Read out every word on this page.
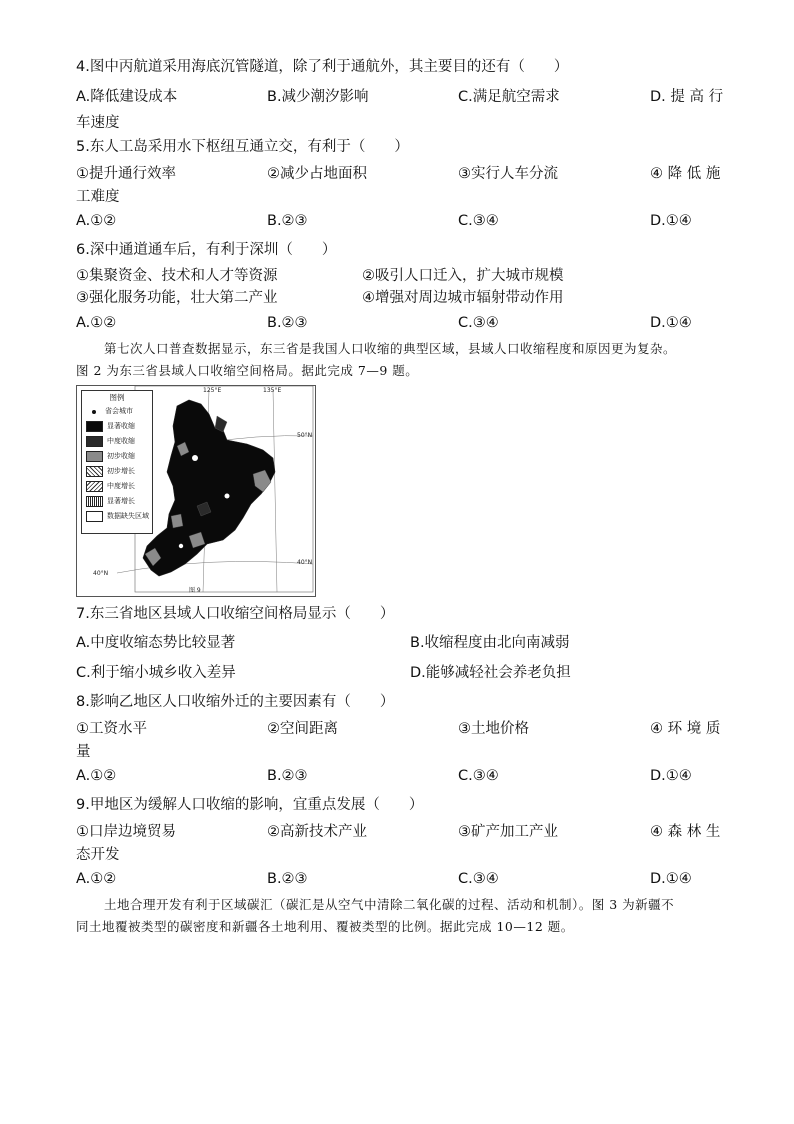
4.图中丙航道采用海底沉管隧道，除了利于通航外，其主要目的还有（　　）
A.降低建设成本	B.减少潮汐影响	C.满足航空需求	D. 提 高 行
车速度
5.东人工岛采用水下枢纽互通立交，有利于（　　）
①提升通行效率	②减少占地面积	③实行人车分流	④ 降 低 施
工难度
A.①②	B.②③	C.③④	D.①④
6.深中通道通车后，有利于深圳（　　）
①集聚资金、技术和人才等资源	②吸引人口迁入，扩大城市规模
③强化服务功能，壮大第二产业	④增强对周边城市辐射带动作用
A.①②	B.②③	C.③④	D.①④
第七次人口普查数据显示，东三省是我国人口收缩的典型区域，县域人口收缩程度和原因更为复杂。
图 2 为东三省县域人口收缩空间格局。据此完成 7—9 题。
图例
省会城市
显著收缩
中度收缩
初步收缩
初步增长
中度增长
显著增长
数据缺失区域
125°E	135°E
50°N
40°N
40°N
图 9
7.东三省地区县域人口收缩空间格局显示（　　）
A.中度收缩态势比较显著	B.收缩程度由北向南减弱
C.利于缩小城乡收入差异	D.能够减轻社会养老负担
8.影响乙地区人口收缩外迁的主要因素有（　　）
①工资水平	②空间距离	③土地价格	④ 环 境 质
量
A.①②	B.②③	C.③④	D.①④
9.甲地区为缓解人口收缩的影响，宜重点发展（　　）
①口岸边境贸易	②高新技术产业	③矿产加工产业	④ 森 林 生
态开发
A.①②	B.②③	C.③④	D.①④
土地合理开发有利于区域碳汇（碳汇是从空气中清除二氧化碳的过程、活动和机制）。图 3 为新疆不
同土地覆被类型的碳密度和新疆各土地利用、覆被类型的比例。据此完成 10—12 题。
